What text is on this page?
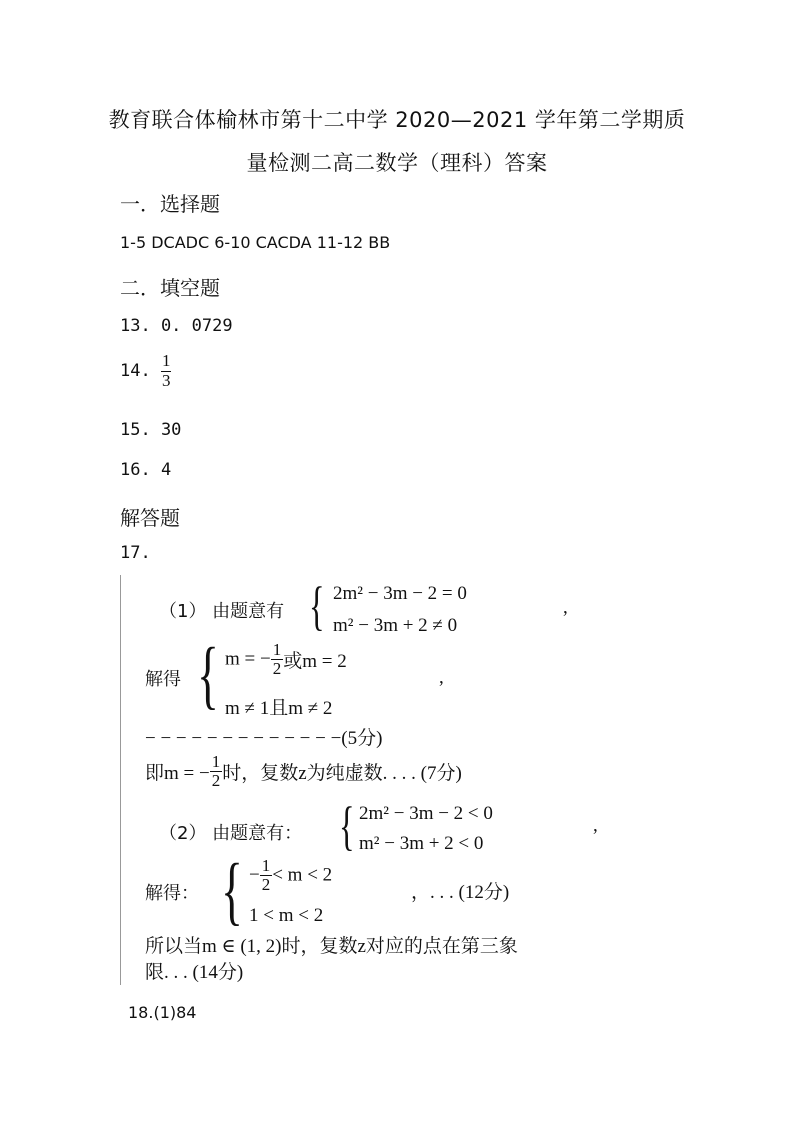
教育联合体榆林市第十二中学 2020—2021 学年第二学期质
量检测二高二数学（理科）答案
一．选择题
1-5 DCADC 6-10 CACDA 11-12 BB
二．填空题
13. 0. 0729
14. $\frac{1}{3}$
15. 30
16. 4
解答题
17.
（1） 由题意有 { 2m² − 3m − 2 = 0
m² − 3m + 2 ≠ 0
,
解得 { m = − $\frac{1}{2}$ 或m = 2
,
m ≠ 1且m ≠ 2
− − − − − − − − − − − − −(5分)
即m = − $\frac{1}{2}$ 时，复数z为纯虚数. . . . (7分)
（2） 由题意有： { 2m² − 3m − 2 < 0
m² − 3m + 2 < 0
,
解得： { − $\frac{1}{2} < m < 2$
，. . . (12分)
1 < m < 2
所以当m ∈ (1, 2)时，复数z对应的点在第三象
限. . . (14分)
18.(1)84
